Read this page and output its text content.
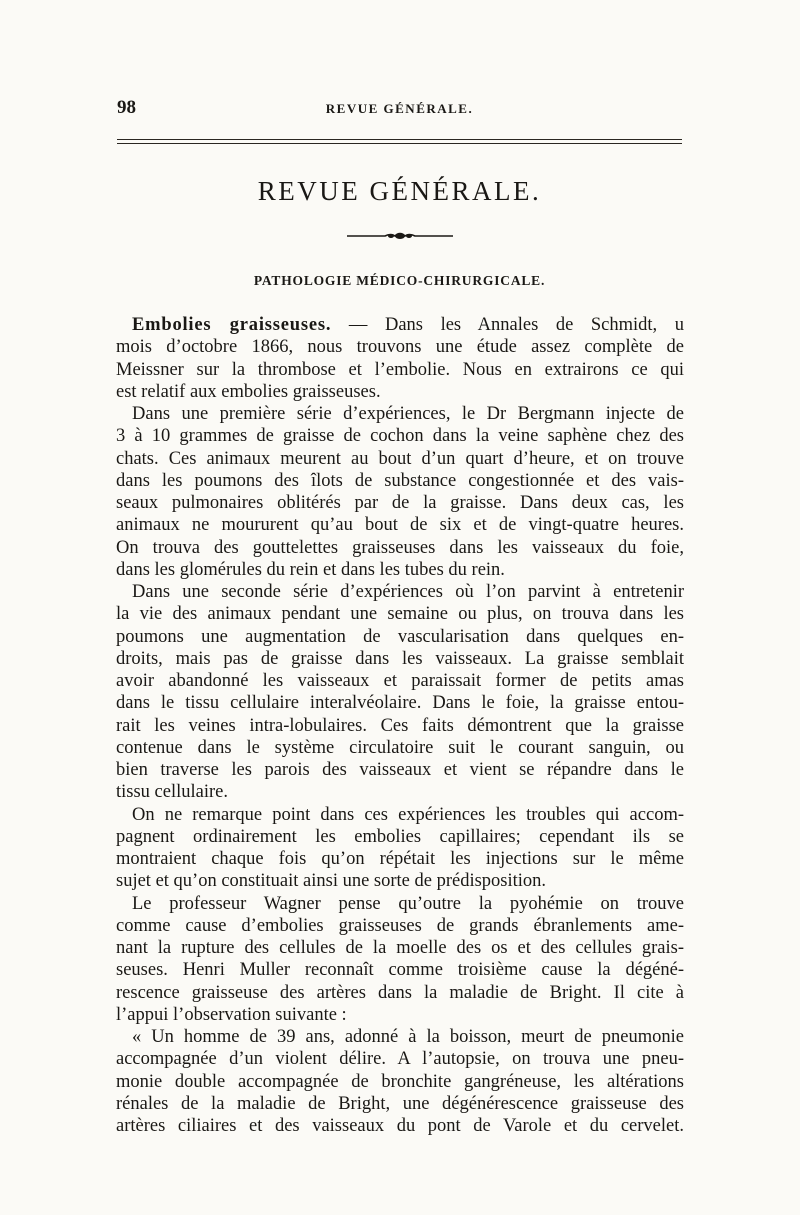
98	REVUE GÉNÉRALE.
REVUE GÉNÉRALE.
PATHOLOGIE MÉDICO-CHIRURGICALE.
Embolies graisseuses. — Dans les Annales de Schmidt, u
mois d’octobre 1866, nous trouvons une étude assez complète de
Meissner sur la thrombose et l’embolie. Nous en extrairons ce qui
est relatif aux embolies graisseuses.
Dans une première série d’expériences, le Dr Bergmann injecte de
3 à 10 grammes de graisse de cochon dans la veine saphène chez des
chats. Ces animaux meurent au bout d’un quart d’heure, et on trouve
dans les poumons des îlots de substance congestionnée et des vais-
seaux pulmonaires oblitérés par de la graisse. Dans deux cas, les
animaux ne moururent qu’au bout de six et de vingt-quatre heures.
On trouva des gouttelettes graisseuses dans les vaisseaux du foie,
dans les glomérules du rein et dans les tubes du rein.
Dans une seconde série d’expériences où l’on parvint à entretenir
la vie des animaux pendant une semaine ou plus, on trouva dans les
poumons une augmentation de vascularisation dans quelques en-
droits, mais pas de graisse dans les vaisseaux. La graisse semblait
avoir abandonné les vaisseaux et paraissait former de petits amas
dans le tissu cellulaire interalvéolaire. Dans le foie, la graisse entou-
rait les veines intra-lobulaires. Ces faits démontrent que la graisse
contenue dans le système circulatoire suit le courant sanguin, ou
bien traverse les parois des vaisseaux et vient se répandre dans le
tissu cellulaire.
On ne remarque point dans ces expériences les troubles qui accom-
pagnent ordinairement les embolies capillaires; cependant ils se
montraient chaque fois qu’on répétait les injections sur le même
sujet et qu’on constituait ainsi une sorte de prédisposition.
Le professeur Wagner pense qu’outre la pyohémie on trouve
comme cause d’embolies graisseuses de grands ébranlements ame-
nant la rupture des cellules de la moelle des os et des cellules grais-
seuses. Henri Muller reconnaît comme troisième cause la dégéné-
rescence graisseuse des artères dans la maladie de Bright. Il cite à
l’appui l’observation suivante :
« Un homme de 39 ans, adonné à la boisson, meurt de pneumonie
accompagnée d’un violent délire. A l’autopsie, on trouva une pneu-
monie double accompagnée de bronchite gangréneuse, les altérations
rénales de la maladie de Bright, une dégénérescence graisseuse des
artères ciliaires et des vaisseaux du pont de Varole et du cervelet.
